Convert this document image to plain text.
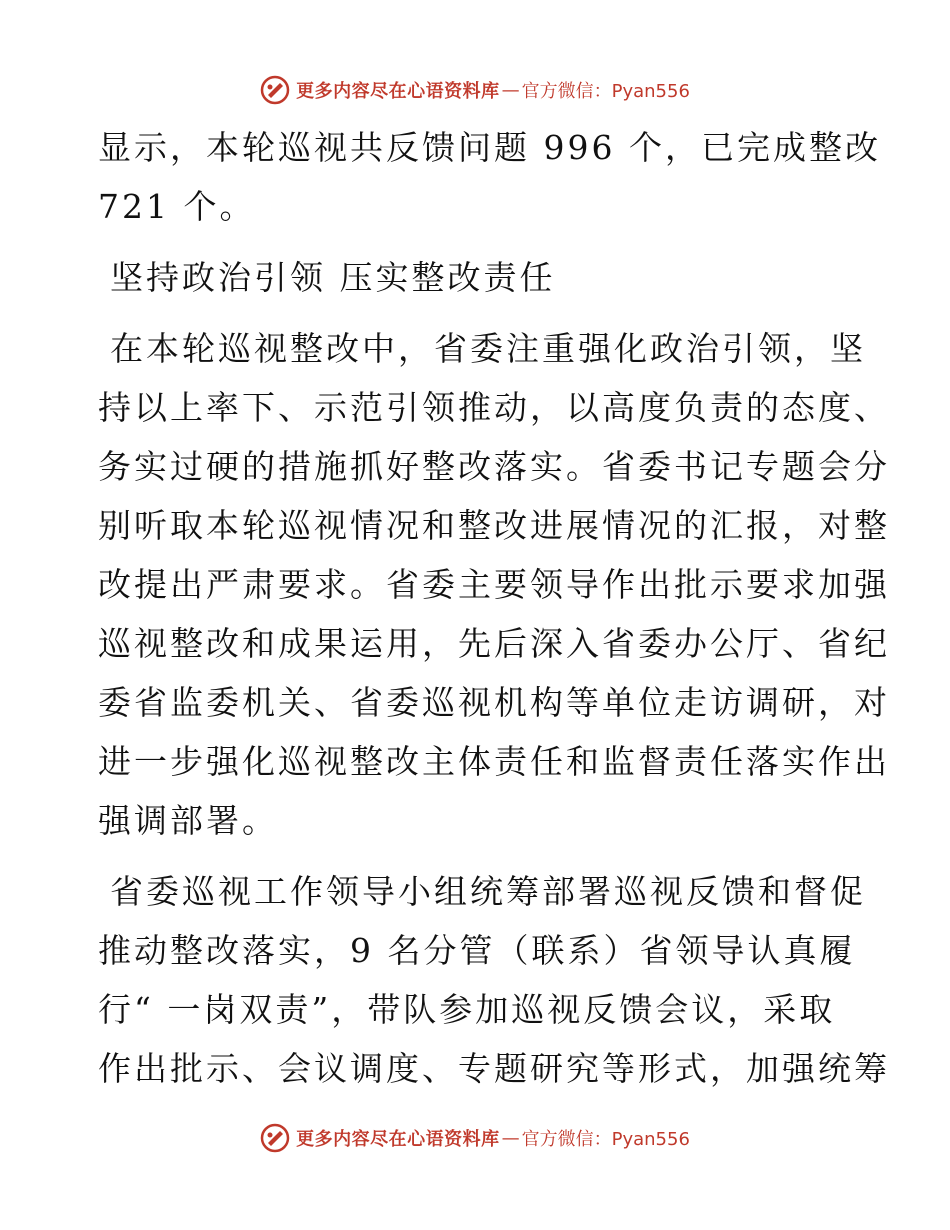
更多内容尽在心语资料库 — 官方微信：Pyan556
显示，本轮巡视共反馈问题 996 个，已完成整改
721 个。
坚持政治引领 压实整改责任
在本轮巡视整改中，省委注重强化政治引领，坚
持以上率下、示范引领推动，以高度负责的态度、
务实过硬的措施抓好整改落实。省委书记专题会分
别听取本轮巡视情况和整改进展情况的汇报，对整
改提出严肃要求。省委主要领导作出批示要求加强
巡视整改和成果运用，先后深入省委办公厅、省纪
委省监委机关、省委巡视机构等单位走访调研，对
进一步强化巡视整改主体责任和监督责任落实作出
强调部署。
省委巡视工作领导小组统筹部署巡视反馈和督促
推动整改落实，9 名分管（联系）省领导认真履
行“ 一岗双责”，带队参加巡视反馈会议，采取
作出批示、会议调度、专题研究等形式，加强统筹
更多内容尽在心语资料库 — 官方微信：Pyan556
